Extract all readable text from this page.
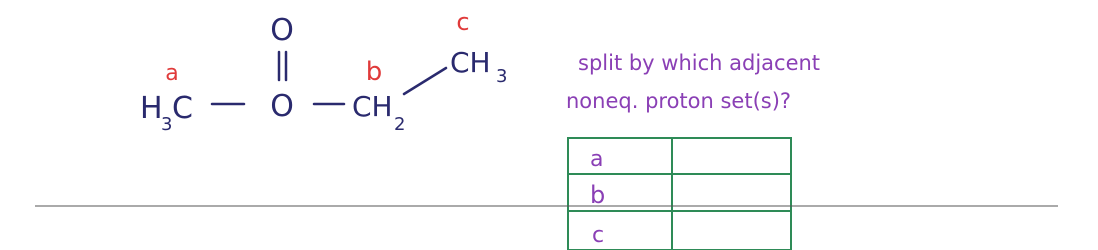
a
H
3 C
O
O
b
CH
2
c
CH 3
split by which adjacent
noneq. proton set(s)?
a
b
c
